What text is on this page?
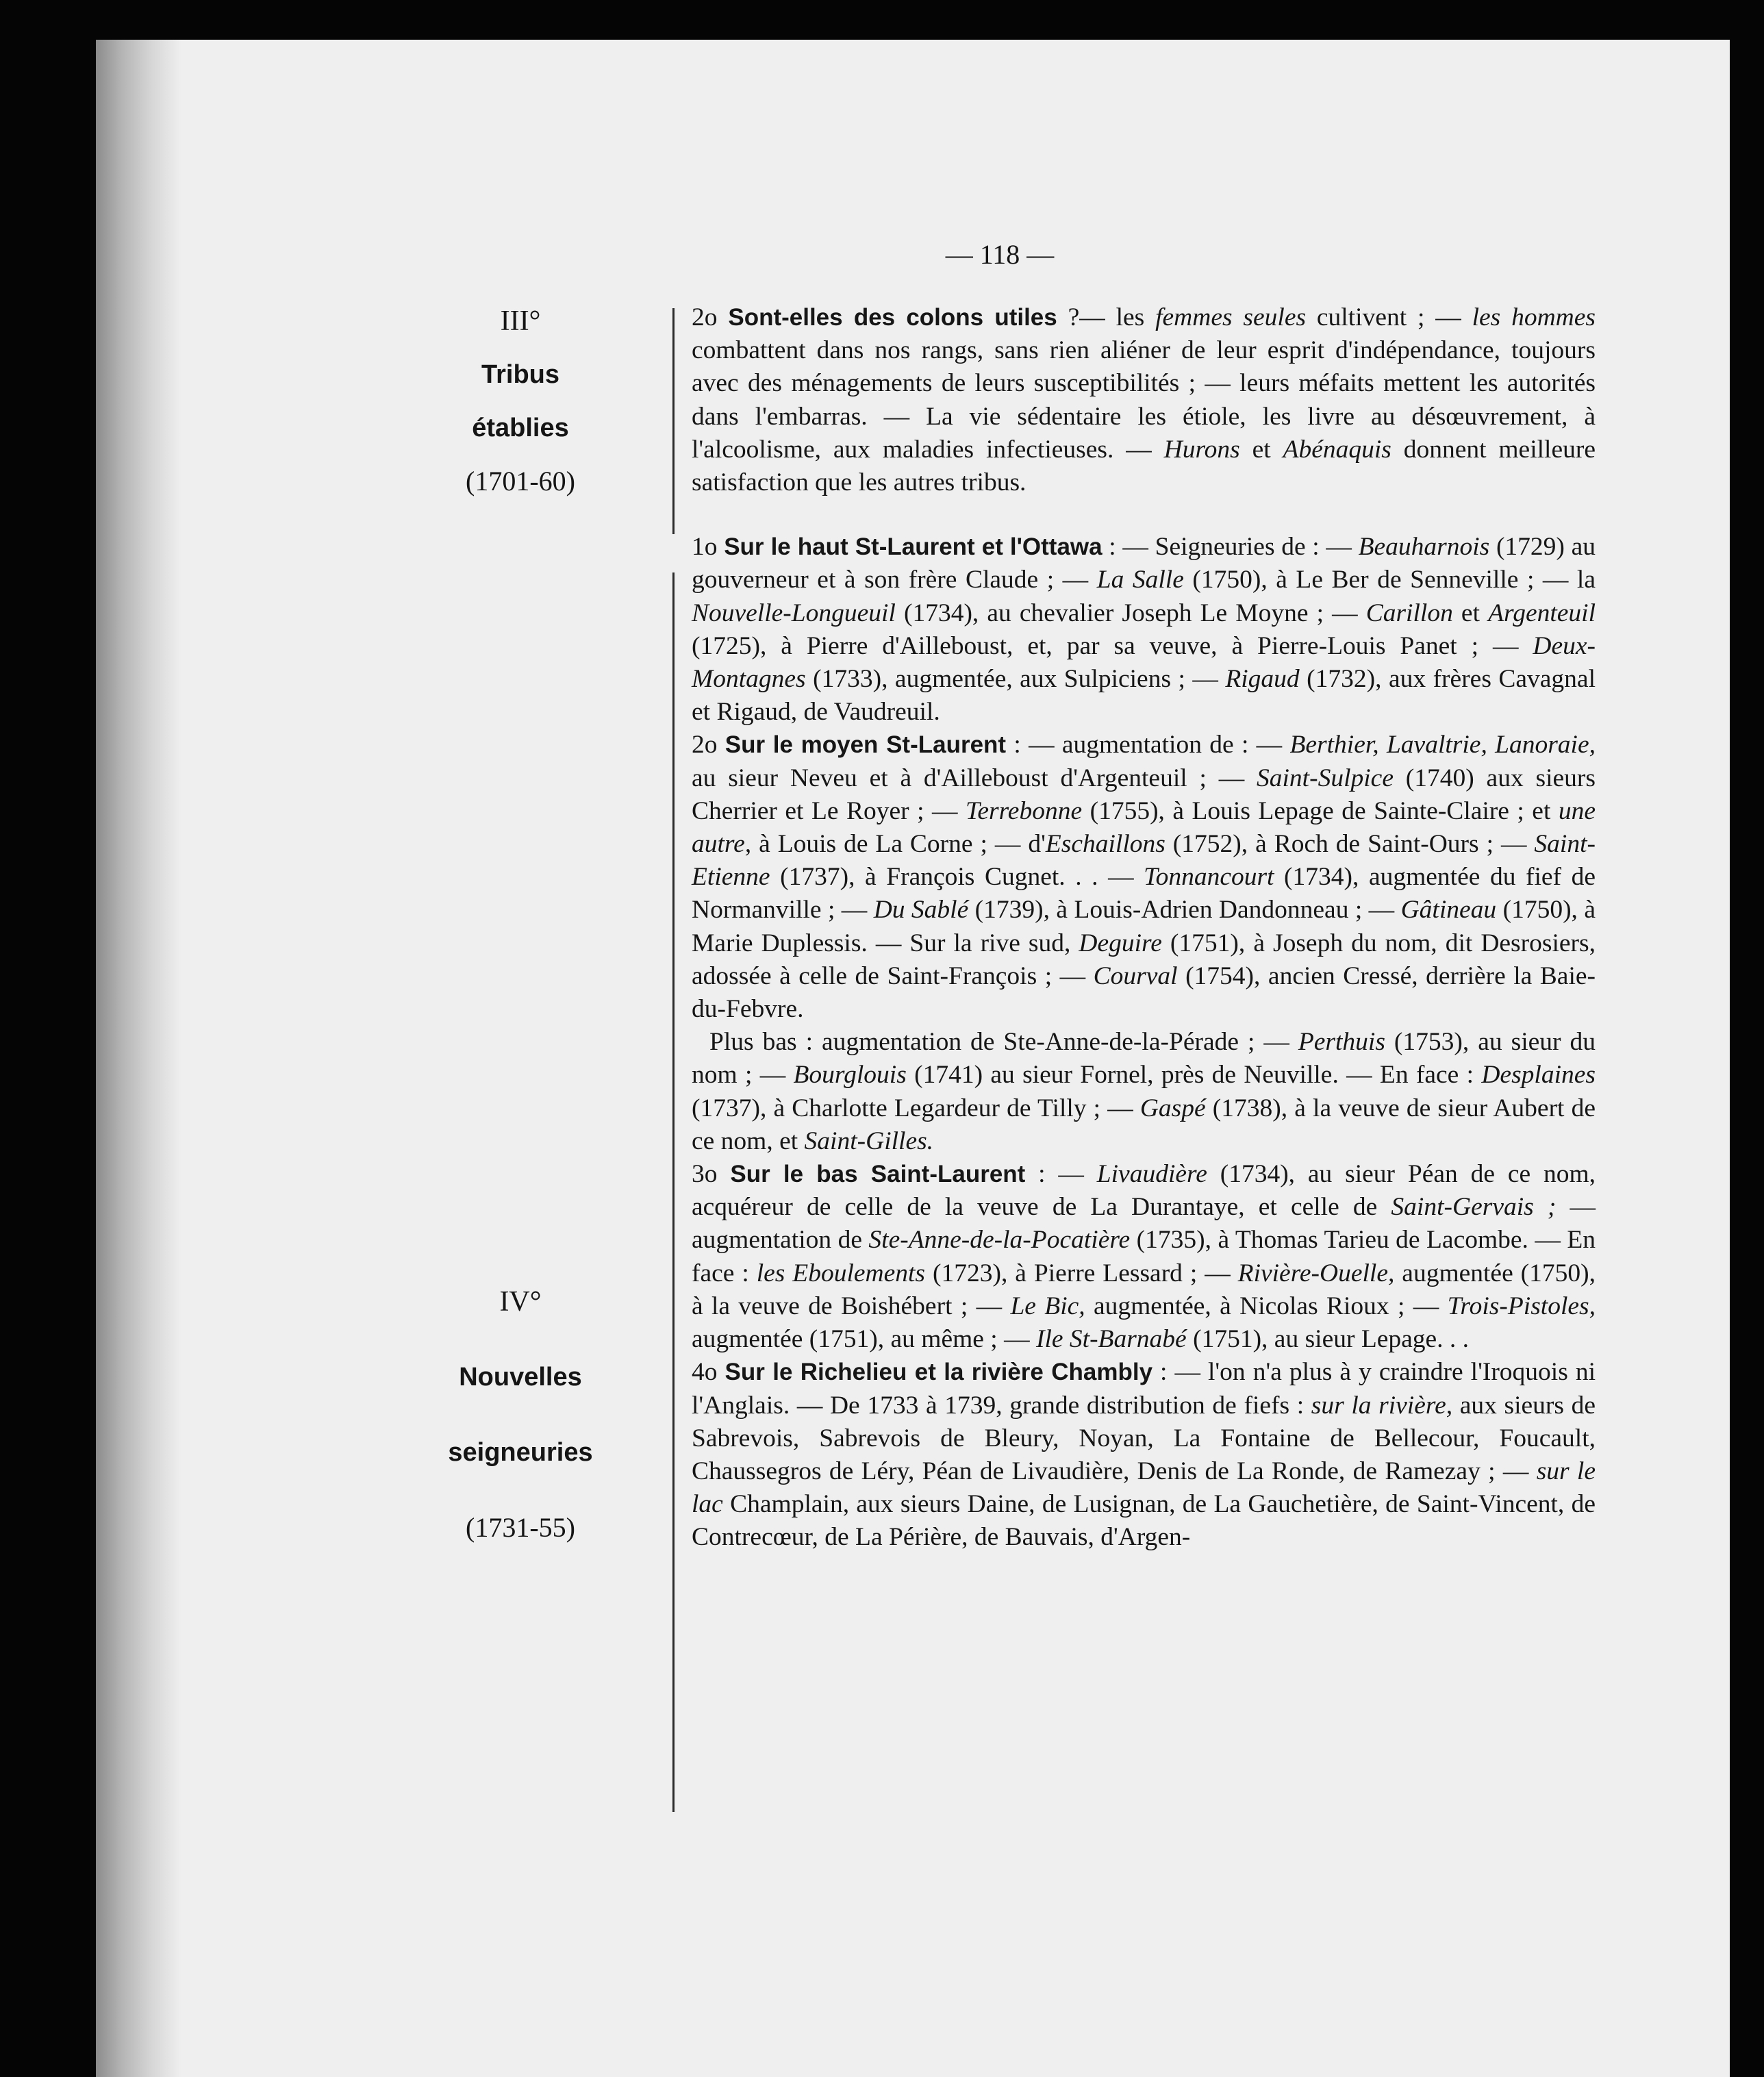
— 118 —
III°
Tribus
établies
(1701-60)
IV°
Nouvelles
seigneuries
(1731-55)

2o Sont-elles des colons utiles ?— les femmes seules cultivent ; — les hommes combattent dans nos rangs, sans rien aliéner de leur esprit d'indépendance, toujours avec des ménagements de leurs susceptibilités ; — leurs méfaits mettent les autorités dans l'embarras. — La vie sédentaire les étiole, les livre au désœuvrement, à l'alcoolisme, aux maladies infectieuses. — Hurons et Abénaquis donnent meilleure satisfaction que les autres tribus.

1o Sur le haut St-Laurent et l'Ottawa : — Seigneuries de : — Beauharnois (1729) au gouverneur et à son frère Claude ; — La Salle (1750), à Le Ber de Senneville ; — la Nouvelle-Longueuil (1734), au chevalier Joseph Le Moyne ; — Carillon et Argenteuil (1725), à Pierre d'Ailleboust, et, par sa veuve, à Pierre-Louis Panet ; — Deux-Montagnes (1733), augmentée, aux Sulpiciens ; — Rigaud (1732), aux frères Cavagnal et Rigaud, de Vaudreuil.

2o Sur le moyen St-Laurent : — augmentation de : — Berthier, Lavaltrie, Lanoraie, au sieur Neveu et à d'Ailleboust d'Argenteuil ; — Saint-Sulpice (1740) aux sieurs Cherrier et Le Royer ; — Terrebonne (1755), à Louis Lepage de Sainte-Claire ; et une autre, à Louis de La Corne ; — d'Eschaillons (1752), à Roch de Saint-Ours ; — Saint-Etienne (1737), à François Cugnet. . . — Tonnancourt (1734), augmentée du fief de Normanville ; — Du Sablé (1739), à Louis-Adrien Dandonneau ; — Gâtineau (1750), à Marie Duplessis. — Sur la rive sud, Deguire (1751), à Joseph du nom, dit Desrosiers, adossée à celle de Saint-François ; — Courval (1754), ancien Cressé, derrière la Baie-du-Febvre.

Plus bas : augmentation de Ste-Anne-de-la-Pérade ; — Perthuis (1753), au sieur du nom ; — Bourglouis (1741) au sieur Fornel, près de Neuville. — En face : Desplaines (1737), à Charlotte Legardeur de Tilly ; — Gaspé (1738), à la veuve de sieur Aubert de ce nom, et Saint-Gilles.

3o Sur le bas Saint-Laurent : — Livaudière (1734), au sieur Péan de ce nom, acquéreur de celle de la veuve de La Durantaye, et celle de Saint-Gervais ; — augmentation de Ste-Anne-de-la-Pocatière (1735), à Thomas Tarieu de Lacombe. — En face : les Eboulements (1723), à Pierre Lessard ; — Rivière-Ouelle, augmentée (1750), à la veuve de Boishébert ; — Le Bic, augmentée, à Nicolas Rioux ; — Trois-Pistoles, augmentée (1751), au même ; — Ile St-Barnabé (1751), au sieur Lepage. . .

4o Sur le Richelieu et la rivière Chambly : — l'on n'a plus à y craindre l'Iroquois ni l'Anglais. — De 1733 à 1739, grande distribution de fiefs : sur la rivière, aux sieurs de Sabrevois, Sabrevois de Bleury, Noyan, La Fontaine de Bellecour, Foucault, Chaussegros de Léry, Péan de Livaudière, Denis de La Ronde, de Ramezay ; — sur le lac Champlain, aux sieurs Daine, de Lusignan, de La Gauchetière, de Saint-Vincent, de Contrecœur, de La Périère, de Bauvais, d'Argen-
